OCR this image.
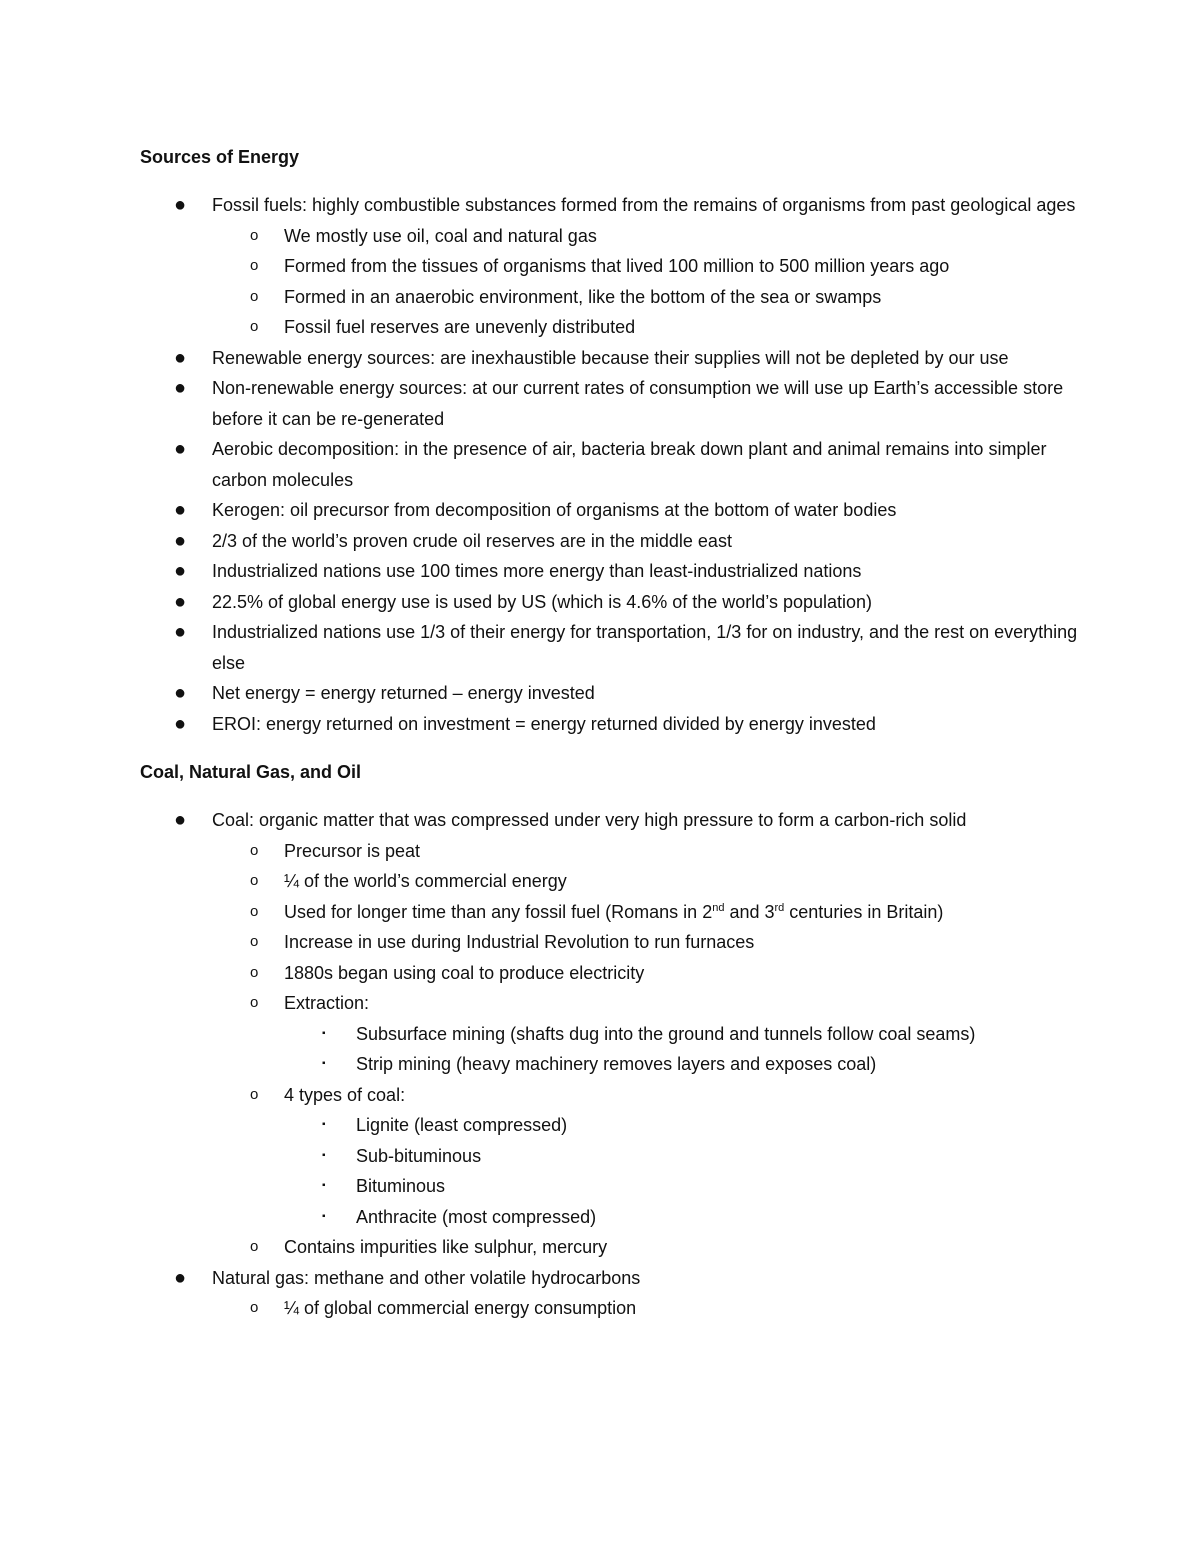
Sources of Energy
● Fossil fuels: highly combustible substances formed from the remains of organisms from past geological ages
o We mostly use oil, coal and natural gas
o Formed from the tissues of organisms that lived 100 million to 500 million years ago
o Formed in an anaerobic environment, like the bottom of the sea or swamps
o Fossil fuel reserves are unevenly distributed
● Renewable energy sources: are inexhaustible because their supplies will not be depleted by our use
● Non-renewable energy sources: at our current rates of consumption we will use up Earth’s accessible store before it can be re-generated
● Aerobic decomposition: in the presence of air, bacteria break down plant and animal remains into simpler carbon molecules
● Kerogen: oil precursor from decomposition of organisms at the bottom of water bodies
● 2/3 of the world’s proven crude oil reserves are in the middle east
● Industrialized nations use 100 times more energy than least-industrialized nations
● 22.5% of global energy use is used by US (which is 4.6% of the world’s population)
● Industrialized nations use 1/3 of their energy for transportation, 1/3 for on industry, and the rest on everything else
● Net energy = energy returned – energy invested
● EROI: energy returned on investment = energy returned divided by energy invested
Coal, Natural Gas, and Oil
● Coal: organic matter that was compressed under very high pressure to form a carbon-rich solid
o Precursor is peat
o ¼ of the world’s commercial energy
o Used for longer time than any fossil fuel (Romans in 2nd and 3rd centuries in Britain)
o Increase in use during Industrial Revolution to run furnaces
o 1880s began using coal to produce electricity
o Extraction:
▪ Subsurface mining (shafts dug into the ground and tunnels follow coal seams)
▪ Strip mining (heavy machinery removes layers and exposes coal)
o 4 types of coal:
▪ Lignite (least compressed)
▪ Sub-bituminous
▪ Bituminous
▪ Anthracite (most compressed)
o Contains impurities like sulphur, mercury
● Natural gas: methane and other volatile hydrocarbons
o ¼ of global commercial energy consumption
